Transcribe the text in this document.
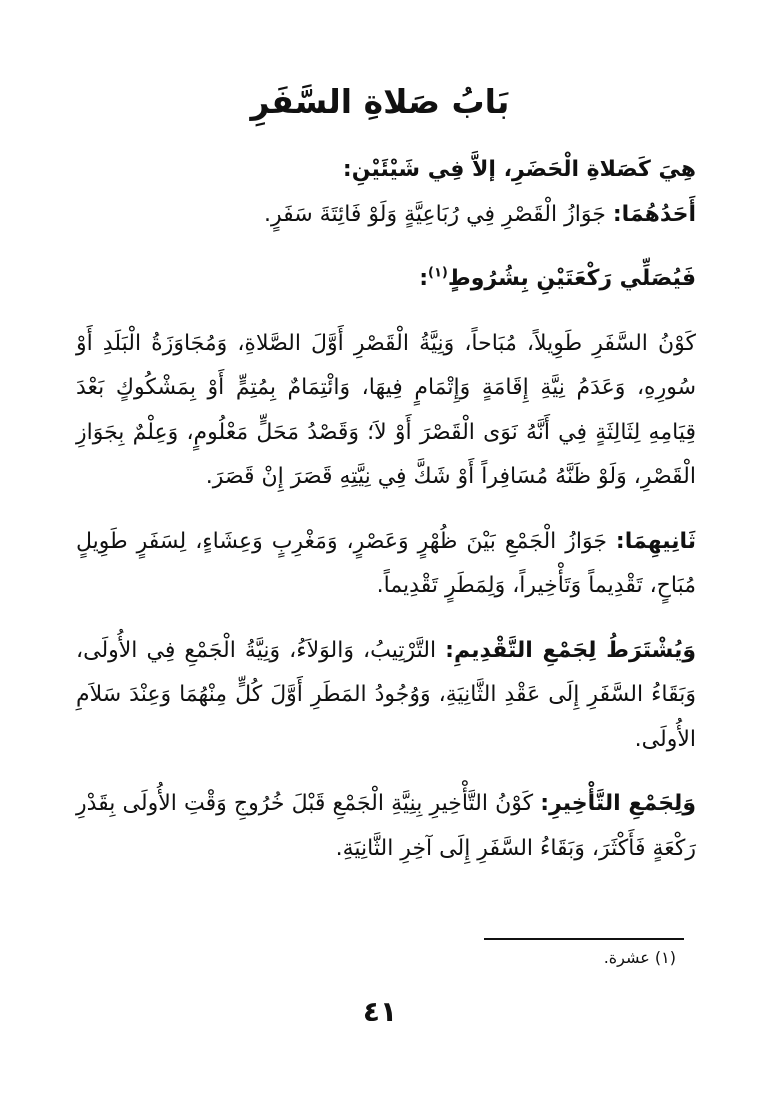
بَابُ صَلاةِ السَّفَرِ

هِيَ كَصَلاةِ الْحَضَرِ، إلاَّ فِي شَيْئَيْنِ:

أَحَدُهُمَا: جَوَازُ الْقَصْرِ فِي رُبَاعِيَّةٍ وَلَوْ فَائِتَةَ سَفَرٍ.

فَيُصَلِّي رَكْعَتَيْنِ بِشُرُوطٍ$^{(١)}$:

كَوْنُ السَّفَرِ طَوِيلاً، مُبَاحاً، وَنِيَّةُ الْقَصْرِ أَوَّلَ الصَّلاةِ، وَمُجَاوَزَةُ الْبَلَدِ أَوْ سُورِهِ، وَعَدَمُ نِيَّةِ إِقَامَةٍ وَإِتْمَامٍ فِيهَا، وَائْتِمَامٌ بِمُتِمٍّ أَوْ بِمَشْكُوكٍ بَعْدَ قِيَامِهِ لِثَالِثَةٍ فِي أَنَّهُ نَوَى الْقَصْرَ أَوْ لاَ؛ وَقَصْدُ مَحَلٍّ مَعْلُومٍ، وَعِلْمٌ بِجَوَازِ الْقَصْرِ، وَلَوْ ظَنَّهُ مُسَافِراً أَوْ شَكَّ فِي نِيَّتِهِ قَصَرَ إِنْ قَصَرَ.

ثَانِيهِمَا: جَوَازُ الْجَمْعِ بَيْنَ ظُهْرٍ وَعَصْرٍ، وَمَغْرِبٍ وَعِشَاءٍ، لِسَفَرٍ طَوِيلٍ مُبَاحٍ، تَقْدِيماً وَتَأْخِيراً، وَلِمَطَرٍ تَقْدِيماً.

وَيُشْتَرَطُ لِجَمْعِ التَّقْدِيمِ: التَّرْتِيبُ، وَالوَلاَءُ، وَنِيَّةُ الْجَمْعِ فِي الأُولَى، وَبَقَاءُ السَّفَرِ إِلَى عَقْدِ الثَّانِيَةِ، وَوُجُودُ المَطَرِ أَوَّلَ كُلٍّ مِنْهُمَا وَعِنْدَ سَلاَمِ الأُولَى.

وَلِجَمْعِ التَّأْخِيرِ: كَوْنُ التَّأْخِيرِ بِنِيَّةِ الْجَمْعِ قَبْلَ خُرُوجِ وَقْتِ الأُولَى بِقَدْرِ رَكْعَةٍ فَأَكْثَرَ، وَبَقَاءُ السَّفَرِ إِلَى آخِرِ الثَّانِيَةِ.

(١) عشرة.
٤١
